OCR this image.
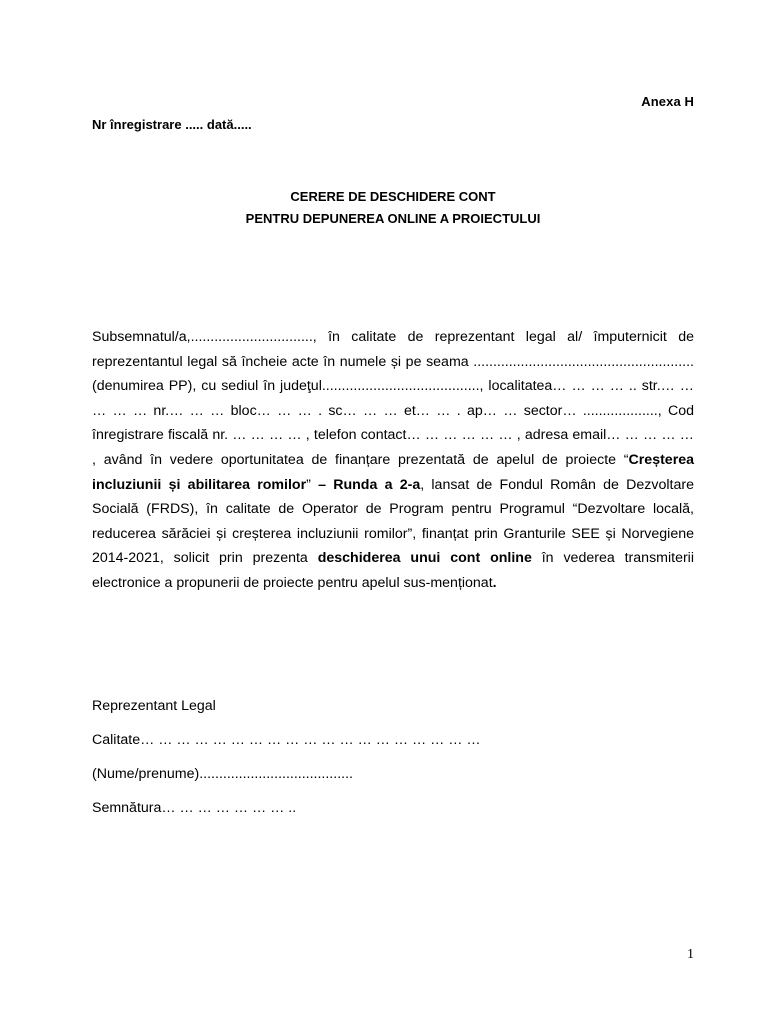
Anexa H
Nr înregistrare ..... dată.....
CERERE DE DESCHIDERE CONT
PENTRU DEPUNEREA ONLINE A PROIECTULUI
Subsemnatul/a,..............................., în calitate de reprezentant legal al/ împuternicit de reprezentantul legal să încheie acte în numele și pe seama ........................................................ (denumirea PP), cu sediul în judeţul........................................, localitatea… … … … .. str.… … … … … nr.… … … bloc… … … . sc… … … et… … . ap… … sector… ..................., Cod înregistrare fiscală nr. … … … … , telefon contact… … … … … … , adresa email… … … … … , având în vedere oportunitatea de finanțare prezentată de apelul de proiecte “Creșterea incluziunii și abilitarea romilor” – Runda a 2-a, lansat de Fondul Român de Dezvoltare Socială (FRDS), în calitate de Operator de Program pentru Programul “Dezvoltare locală, reducerea sărăciei și creșterea incluziunii romilor”, finanțat prin Granturile SEE și Norvegiene 2014-2021, solicit prin prezenta deschiderea unui cont online în vederea transmiterii electronice a propunerii de proiecte pentru apelul sus-menționat.
Reprezentant Legal
Calitate… … … … … … … … … … … … … … … … … … …
(Nume/prenume).......................................
Semnătura… … … … … … … ..
1
